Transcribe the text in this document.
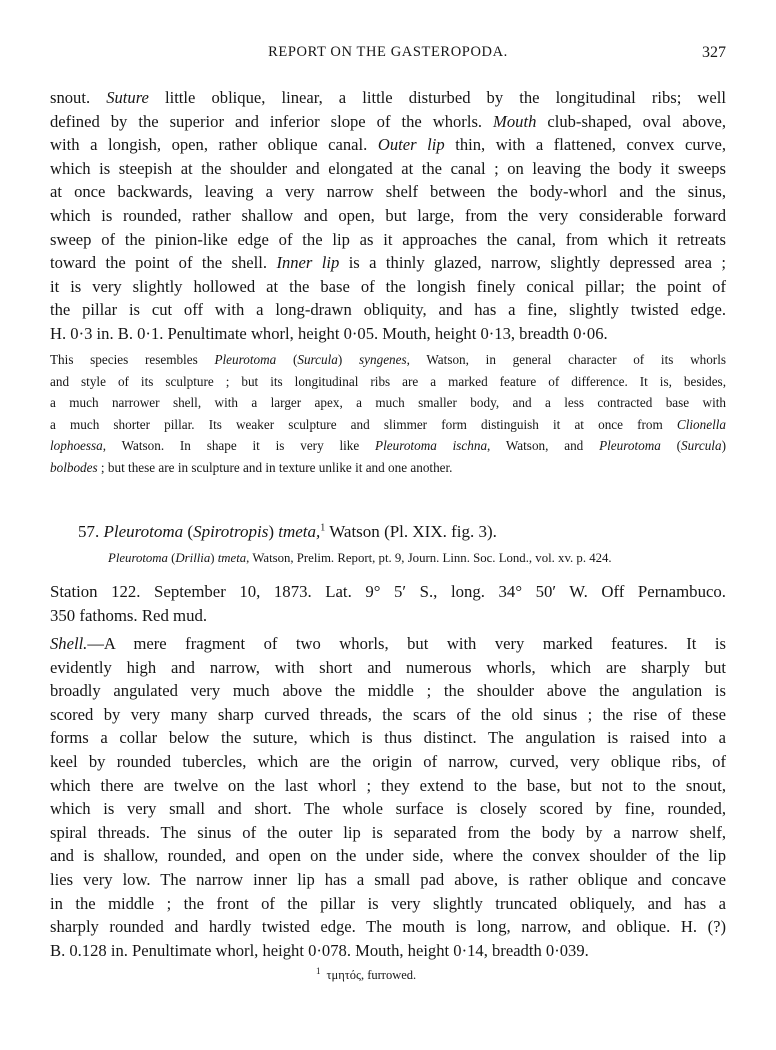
REPORT ON THE GASTEROPODA.	327
snout. Suture little oblique, linear, a little disturbed by the longitudinal ribs; well
defined by the superior and inferior slope of the whorls. Mouth club-shaped, oval above,
with a longish, open, rather oblique canal. Outer lip thin, with a flattened, convex curve,
which is steepish at the shoulder and elongated at the canal ; on leaving the body it sweeps
at once backwards, leaving a very narrow shelf between the body-whorl and the sinus,
which is rounded, rather shallow and open, but large, from the very considerable forward
sweep of the pinion-like edge of the lip as it approaches the canal, from which it retreats
toward the point of the shell. Inner lip is a thinly glazed, narrow, slightly depressed area ;
it is very slightly hollowed at the base of the longish finely conical pillar; the point of
the pillar is cut off with a long-drawn obliquity, and has a fine, slightly twisted edge.
H. 0·3 in. B. 0·1. Penultimate whorl, height 0·05. Mouth, height 0·13, breadth 0·06.
This species resembles Pleurotoma (Surcula) syngenes, Watson, in general character of its whorls
and style of its sculpture ; but its longitudinal ribs are a marked feature of difference. It is, besides,
a much narrower shell, with a larger apex, a much smaller body, and a less contracted base with
a much shorter pillar. Its weaker sculpture and slimmer form distinguish it at once from Clionella
lophoessa, Watson. In shape it is very like Pleurotoma ischna, Watson, and Pleurotoma (Surcula)
bolbodes ; but these are in sculpture and in texture unlike it and one another.
57. Pleurotoma (Spirotropis) tmeta,$^1$ Watson (Pl. XIX. fig. 3).
Pleurotoma (Drillia) tmeta, Watson, Prelim. Report, pt. 9, Journ. Linn. Soc. Lond., vol. xv. p. 424.
Station 122. September 10, 1873. Lat. 9° 5′ S., long. 34° 50′ W. Off Pernambuco.
350 fathoms. Red mud.
Shell.—A mere fragment of two whorls, but with very marked features. It is
evidently high and narrow, with short and numerous whorls, which are sharply but
broadly angulated very much above the middle ; the shoulder above the angulation is
scored by very many sharp curved threads, the scars of the old sinus ; the rise of these
forms a collar below the suture, which is thus distinct. The angulation is raised into a
keel by rounded tubercles, which are the origin of narrow, curved, very oblique ribs, of
which there are twelve on the last whorl ; they extend to the base, but not to the snout,
which is very small and short. The whole surface is closely scored by fine, rounded,
spiral threads. The sinus of the outer lip is separated from the body by a narrow shelf,
and is shallow, rounded, and open on the under side, where the convex shoulder of the lip
lies very low. The narrow inner lip has a small pad above, is rather oblique and concave
in the middle ; the front of the pillar is very slightly truncated obliquely, and has a
sharply rounded and hardly twisted edge. The mouth is long, narrow, and oblique. H. (?)
B. 0.128 in. Penultimate whorl, height 0·078. Mouth, height 0·14, breadth 0·039.
$^1$ τμητός, furrowed.
